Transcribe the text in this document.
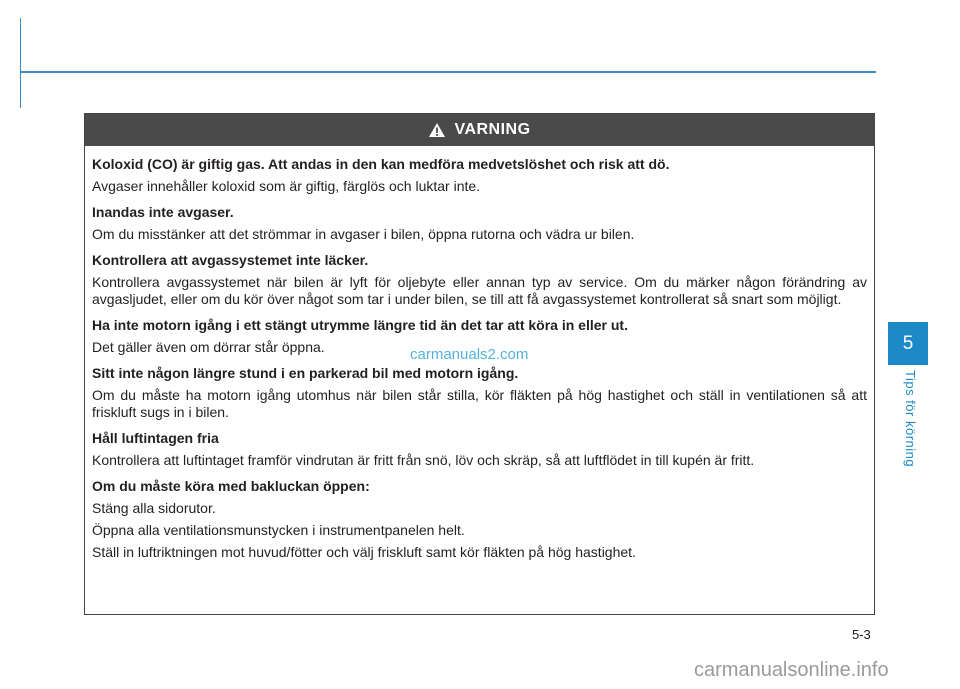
VARNING
Koloxid (CO) är giftig gas. Att andas in den kan medföra medvetslöshet och risk att dö.
Avgaser innehåller koloxid som är giftig, färglös och luktar inte.
Inandas inte avgaser.
Om du misstänker att det strömmar in avgaser i bilen, öppna rutorna och vädra ur bilen.
Kontrollera att avgassystemet inte läcker.
Kontrollera avgassystemet när bilen är lyft för oljebyte eller annan typ av service. Om du märker någon förändring av avgasljudet, eller om du kör över något som tar i under bilen, se till att få avgassystemet kontrollerat så snart som möjligt.
Ha inte motorn igång i ett stängt utrymme längre tid än det tar att köra in eller ut.
Det gäller även om dörrar står öppna.
Sitt inte någon längre stund i en parkerad bil med motorn igång.
Om du måste ha motorn igång utomhus när bilen står stilla, kör fläkten på hög hastighet och ställ in ventilationen så att friskluft sugs in i bilen.
Håll luftintagen fria
Kontrollera att luftintaget framför vindrutan är fritt från snö, löv och skräp, så att luftflödet in till kupén är fritt.
Om du måste köra med bakluckan öppen:
Stäng alla sidorutor.
Öppna alla ventilationsmunstycken i instrumentpanelen helt.
Ställ in luftriktningen mot huvud/fötter och välj friskluft samt kör fläkten på hög hastighet.
carmanuals2.com
5
Tips för körning
5-3
carmanualsonline.info
